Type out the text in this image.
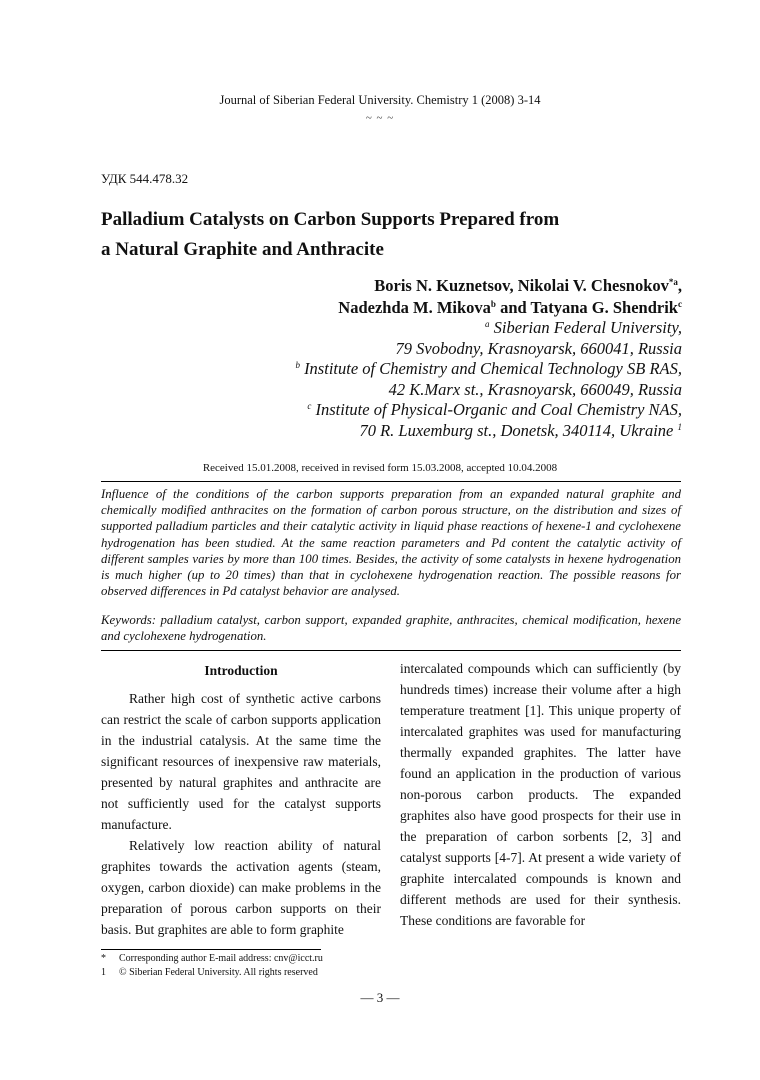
Journal of Siberian Federal University. Chemistry 1 (2008) 3-14
~ ~ ~
УДК 544.478.32
Palladium Catalysts on Carbon Supports Prepared from
a Natural Graphite and Anthracite
Boris N. Kuznetsov, Nikolai V. Chesnokov$^{*a}$,
Nadezhda M. Mikova$^b$ and Tatyana G. Shendrik$^c$
$^a$ Siberian Federal University,
79 Svobodny, Krasnoyarsk, 660041, Russia
$^b$ Institute of Chemistry and Chemical Technology SB RAS,
42 K.Marx st., Krasnoyarsk, 660049, Russia
$^c$ Institute of Physical-Organic and Coal Chemistry NAS,
70 R. Luxemburg st., Donetsk, 340114, Ukraine $^1$
Received 15.01.2008, received in revised form 15.03.2008, accepted 10.04.2008
Influence of the conditions of the carbon supports preparation from an expanded natural graphite and chemically modified anthracites on the formation of carbon porous structure, on the distribution and sizes of supported palladium particles and their catalytic activity in liquid phase reactions of hexene-1 and cyclohexene hydrogenation has been studied. At the same reaction parameters and Pd content the catalytic activity of different samples varies by more than 100 times. Besides, the activity of some catalysts in hexene hydrogenation is much higher (up to 20 times) than that in cyclohexene hydrogenation reaction. The possible reasons for observed differences in Pd catalyst behavior are analysed.
Keywords: palladium catalyst, carbon support, expanded graphite, anthracites, chemical modification, hexene and cyclohexene hydrogenation.

Introduction

Rather high cost of synthetic active carbons can restrict the scale of carbon supports application in the industrial catalysis. At the same time the significant resources of inexpensive raw materials, presented by natural graphites and anthracite are not sufficiently used for the catalyst supports manufacture.

Relatively low reaction ability of natural graphites towards the activation agents (steam, oxygen, carbon dioxide) can make problems in the preparation of porous carbon supports on their basis. But graphites are able to form graphite

intercalated compounds which can sufficiently (by hundreds times) increase their volume after a high temperature treatment [1]. This unique property of intercalated graphites was used for manufacturing thermally expanded graphites. The latter have found an application in the production of various non-porous carbon products. The expanded graphites also have good prospects for their use in the preparation of carbon sorbents [2, 3] and catalyst supports [4-7]. At present a wide variety of graphite intercalated compounds is known and different methods are used for their synthesis. These conditions are favorable for

* Corresponding author E-mail address: cnv@icct.ru
1 © Siberian Federal University. All rights reserved
— 3 —
